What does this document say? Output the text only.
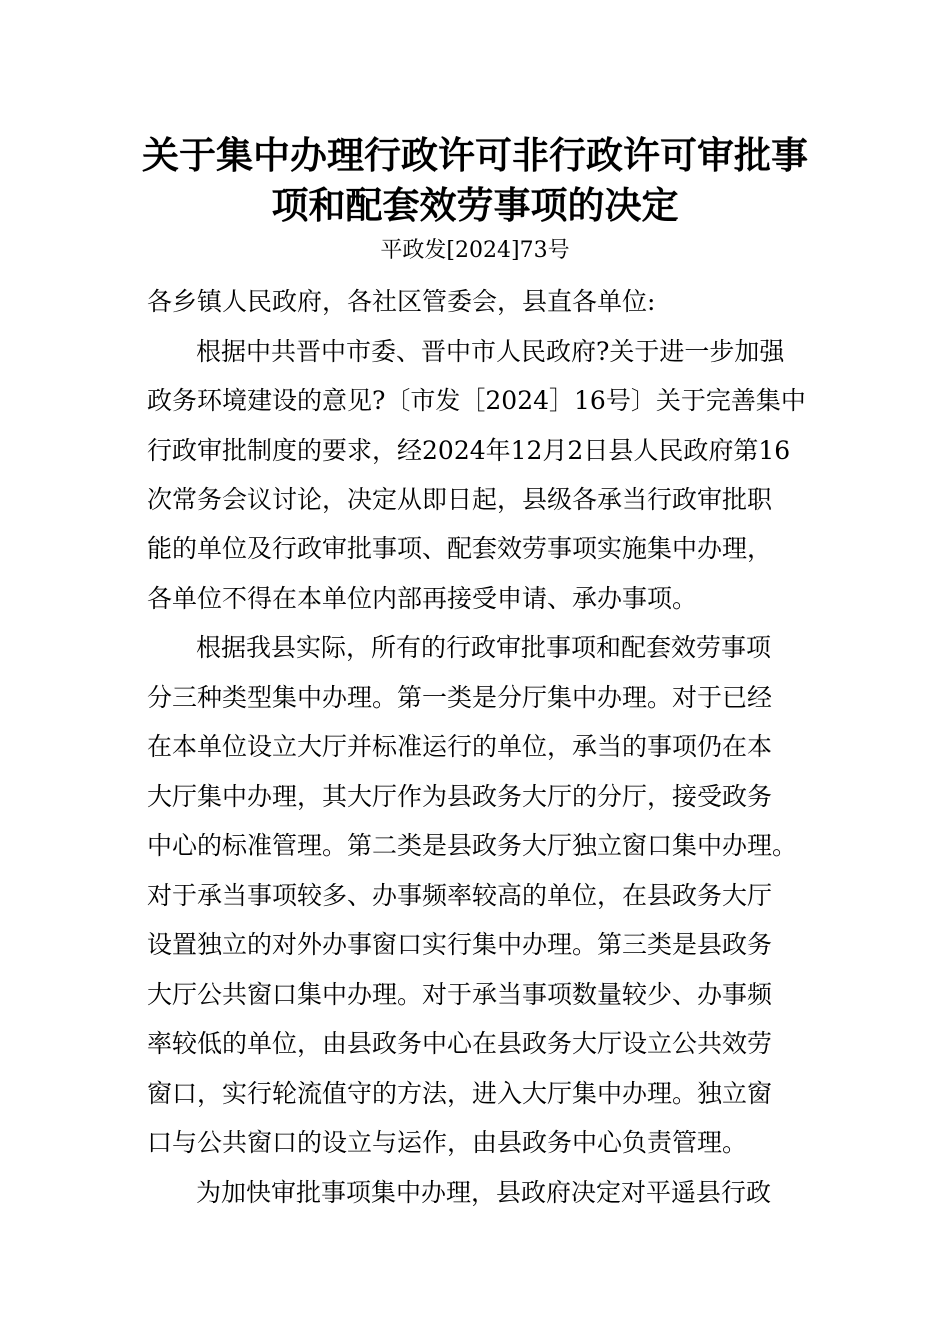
关于集中办理行政许可非行政许可审批事
项和配套效劳事项的决定

平政发[2024]73号

各乡镇人民政府，各社区管委会，县直各单位:

根据中共晋中市委、晋中市人民政府?关于进一步加强

政务环境建设的意见?〔市发［2024］16号〕关于完善集中

行政审批制度的要求，经2024年12月2日县人民政府第16

次常务会议讨论，决定从即日起，县级各承当行政审批职

能的单位及行政审批事项、配套效劳事项实施集中办理，

各单位不得在本单位内部再接受申请、承办事项。

根据我县实际，所有的行政审批事项和配套效劳事项

分三种类型集中办理。第一类是分厅集中办理。对于已经

在本单位设立大厅并标准运行的单位，承当的事项仍在本

大厅集中办理，其大厅作为县政务大厅的分厅，接受政务

中心的标准管理。第二类是县政务大厅独立窗口集中办理。

对于承当事项较多、办事频率较高的单位，在县政务大厅

设置独立的对外办事窗口实行集中办理。第三类是县政务

大厅公共窗口集中办理。对于承当事项数量较少、办事频

率较低的单位，由县政务中心在县政务大厅设立公共效劳

窗口，实行轮流值守的方法，进入大厅集中办理。独立窗

口与公共窗口的设立与运作，由县政务中心负责管理。

为加快审批事项集中办理，县政府决定对平遥县行政
